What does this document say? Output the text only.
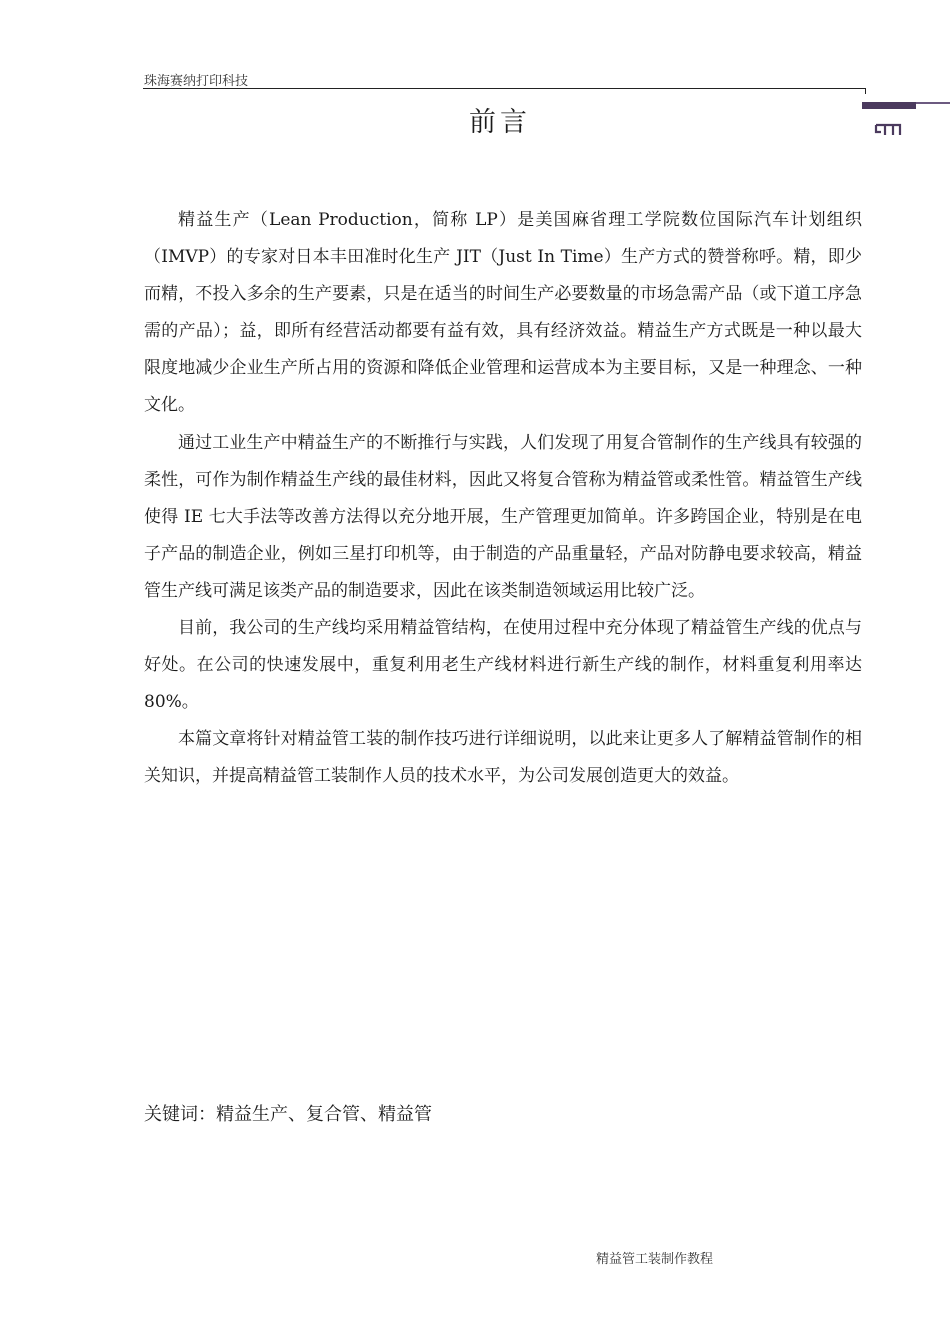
珠海赛纳打印科技
前言

精益生产（Lean Production，简称 LP）是美国麻省理工学院数位国际汽车计划组织（IMVP）的专家对日本丰田准时化生产 JIT（Just In Time）生产方式的赞誉称呼。精，即少而精，不投入多余的生产要素，只是在适当的时间生产必要数量的市场急需产品（或下道工序急需的产品）；益，即所有经营活动都要有益有效，具有经济效益。精益生产方式既是一种以最大限度地减少企业生产所占用的资源和降低企业管理和运营成本为主要目标，又是一种理念、一种文化。

通过工业生产中精益生产的不断推行与实践，人们发现了用复合管制作的生产线具有较强的柔性，可作为制作精益生产线的最佳材料，因此又将复合管称为精益管或柔性管。精益管生产线使得 IE 七大手法等改善方法得以充分地开展，生产管理更加简单。许多跨国企业，特别是在电子产品的制造企业，例如三星打印机等，由于制造的产品重量轻，产品对防静电要求较高，精益管生产线可满足该类产品的制造要求，因此在该类制造领域运用比较广泛。

目前，我公司的生产线均采用精益管结构，在使用过程中充分体现了精益管生产线的优点与好处。在公司的快速发展中，重复利用老生产线材料进行新生产线的制作，材料重复利用率达 80%。

本篇文章将针对精益管工装的制作技巧进行详细说明，以此来让更多人了解精益管制作的相关知识，并提高精益管工装制作人员的技术水平，为公司发展创造更大的效益。

关键词：精益生产、复合管、精益管
精益管工装制作教程
